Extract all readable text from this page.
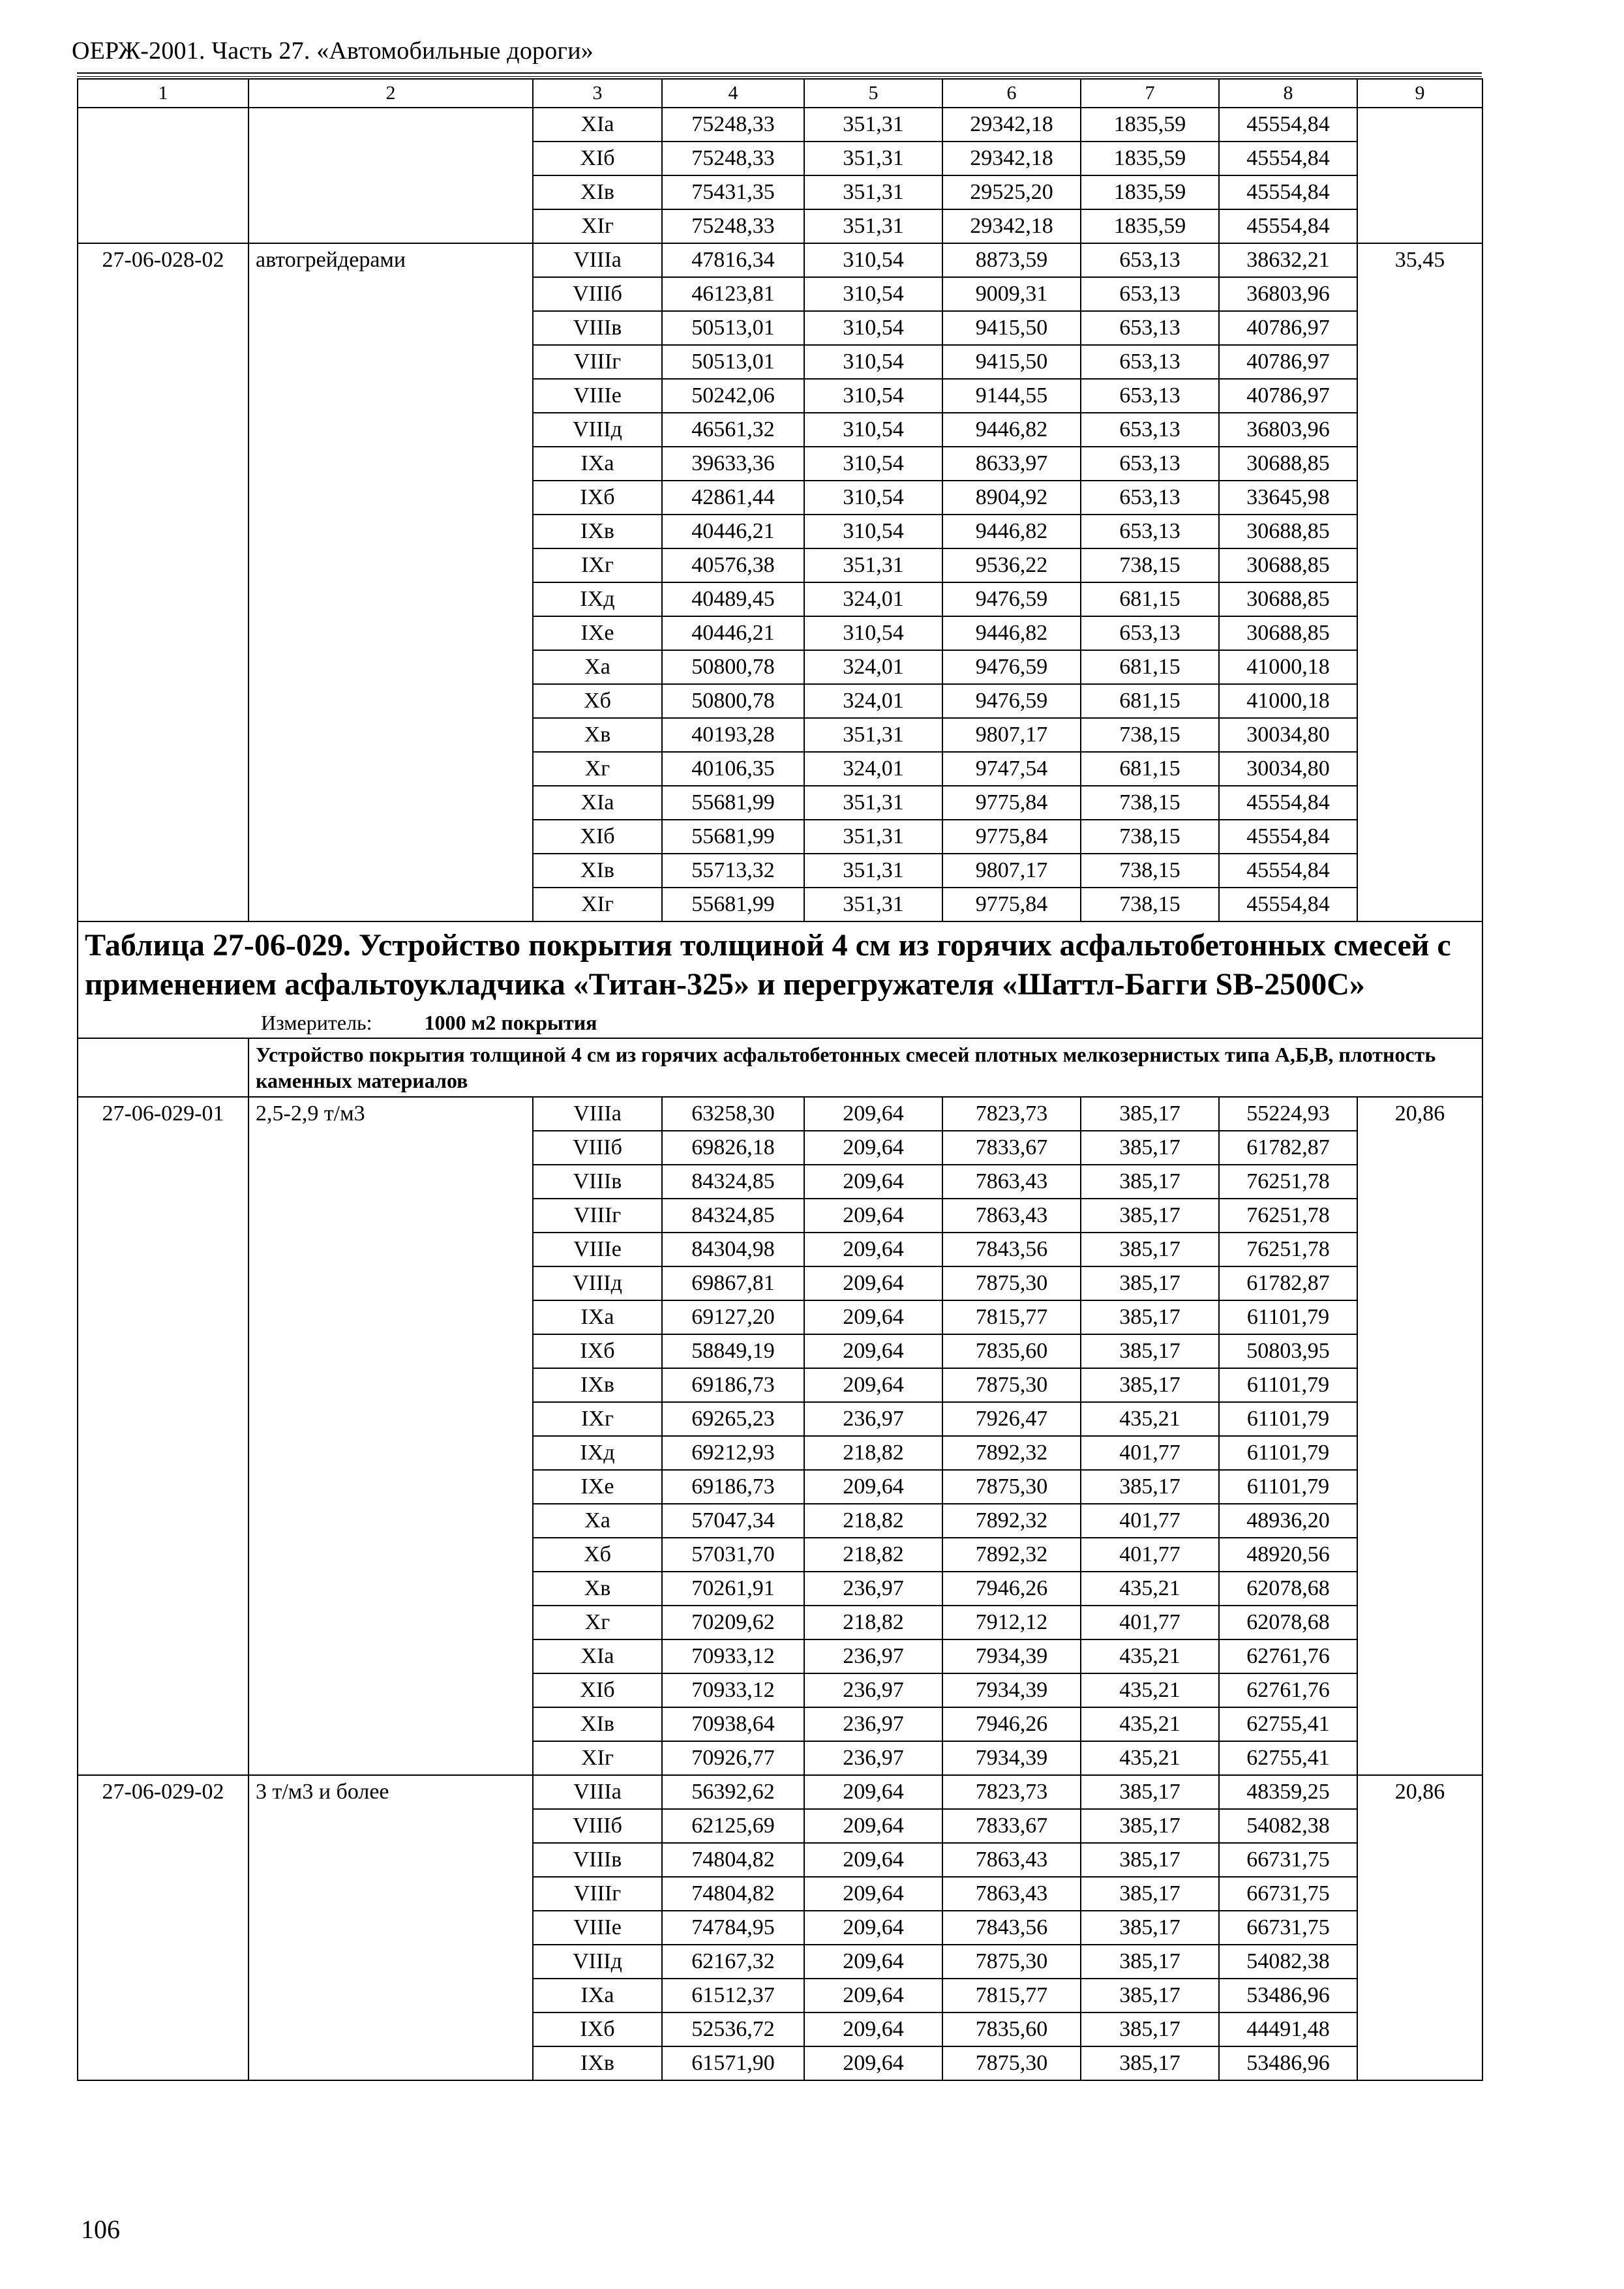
ОЕРЖ-2001. Часть 27. «Автомобильные дороги»
1	2	3	4	5	6	7	8	9
		XIа	75248,33	351,31	29342,18	1835,59	45554,84	
		XIб	75248,33	351,31	29342,18	1835,59	45554,84	
		XIв	75431,35	351,31	29525,20	1835,59	45554,84	
		XIг	75248,33	351,31	29342,18	1835,59	45554,84	
27-06-028-02	автогрейдерами	VIIIа	47816,34	310,54	8873,59	653,13	38632,21	35,45
		VIIIб	46123,81	310,54	9009,31	653,13	36803,96	
		VIIIв	50513,01	310,54	9415,50	653,13	40786,97	
		VIIIг	50513,01	310,54	9415,50	653,13	40786,97	
		VIIIе	50242,06	310,54	9144,55	653,13	40786,97	
		VIIIд	46561,32	310,54	9446,82	653,13	36803,96	
		IXа	39633,36	310,54	8633,97	653,13	30688,85	
		IXб	42861,44	310,54	8904,92	653,13	33645,98	
		IXв	40446,21	310,54	9446,82	653,13	30688,85	
		IXг	40576,38	351,31	9536,22	738,15	30688,85	
		IXд	40489,45	324,01	9476,59	681,15	30688,85	
		IXе	40446,21	310,54	9446,82	653,13	30688,85	
		Xа	50800,78	324,01	9476,59	681,15	41000,18	
		Xб	50800,78	324,01	9476,59	681,15	41000,18	
		Xв	40193,28	351,31	9807,17	738,15	30034,80	
		Xг	40106,35	324,01	9747,54	681,15	30034,80	
		XIа	55681,99	351,31	9775,84	738,15	45554,84	
		XIб	55681,99	351,31	9775,84	738,15	45554,84	
		XIв	55713,32	351,31	9807,17	738,15	45554,84	
		XIг	55681,99	351,31	9775,84	738,15	45554,84	

Таблица 27-06-029. Устройство покрытия толщиной 4 см из горячих асфальтобетонных смесей с применением асфальтоукладчика «Титан-325» и перегружателя «Шаттл-Багги SB-2500С»
Измеритель: 1000 м2 покрытия								

	Устройство покрытия толщиной 4 см из горячих асфальтобетонных смесей плотных мелкозернистых типа А,Б,В, плотность каменных материалов							
27-06-029-01	2,5-2,9 т/м3	VIIIа	63258,30	209,64	7823,73	385,17	55224,93	20,86
		VIIIб	69826,18	209,64	7833,67	385,17	61782,87	
		VIIIв	84324,85	209,64	7863,43	385,17	76251,78	
		VIIIг	84324,85	209,64	7863,43	385,17	76251,78	
		VIIIе	84304,98	209,64	7843,56	385,17	76251,78	
		VIIIд	69867,81	209,64	7875,30	385,17	61782,87	
		IXа	69127,20	209,64	7815,77	385,17	61101,79	
		IXб	58849,19	209,64	7835,60	385,17	50803,95	
		IXв	69186,73	209,64	7875,30	385,17	61101,79	
		IXг	69265,23	236,97	7926,47	435,21	61101,79	
		IXд	69212,93	218,82	7892,32	401,77	61101,79	
		IXе	69186,73	209,64	7875,30	385,17	61101,79	
		Xа	57047,34	218,82	7892,32	401,77	48936,20	
		Xб	57031,70	218,82	7892,32	401,77	48920,56	
		Xв	70261,91	236,97	7946,26	435,21	62078,68	
		Xг	70209,62	218,82	7912,12	401,77	62078,68	
		XIа	70933,12	236,97	7934,39	435,21	62761,76	
		XIб	70933,12	236,97	7934,39	435,21	62761,76	
		XIв	70938,64	236,97	7946,26	435,21	62755,41	
		XIг	70926,77	236,97	7934,39	435,21	62755,41	
27-06-029-02	3 т/м3 и более	VIIIа	56392,62	209,64	7823,73	385,17	48359,25	20,86
		VIIIб	62125,69	209,64	7833,67	385,17	54082,38	
		VIIIв	74804,82	209,64	7863,43	385,17	66731,75	
		VIIIг	74804,82	209,64	7863,43	385,17	66731,75	
		VIIIе	74784,95	209,64	7843,56	385,17	66731,75	
		VIIIд	62167,32	209,64	7875,30	385,17	54082,38	
		IXа	61512,37	209,64	7815,77	385,17	53486,96	
		IXб	52536,72	209,64	7835,60	385,17	44491,48	
		IXв	61571,90	209,64	7875,30	385,17	53486,96	
106
